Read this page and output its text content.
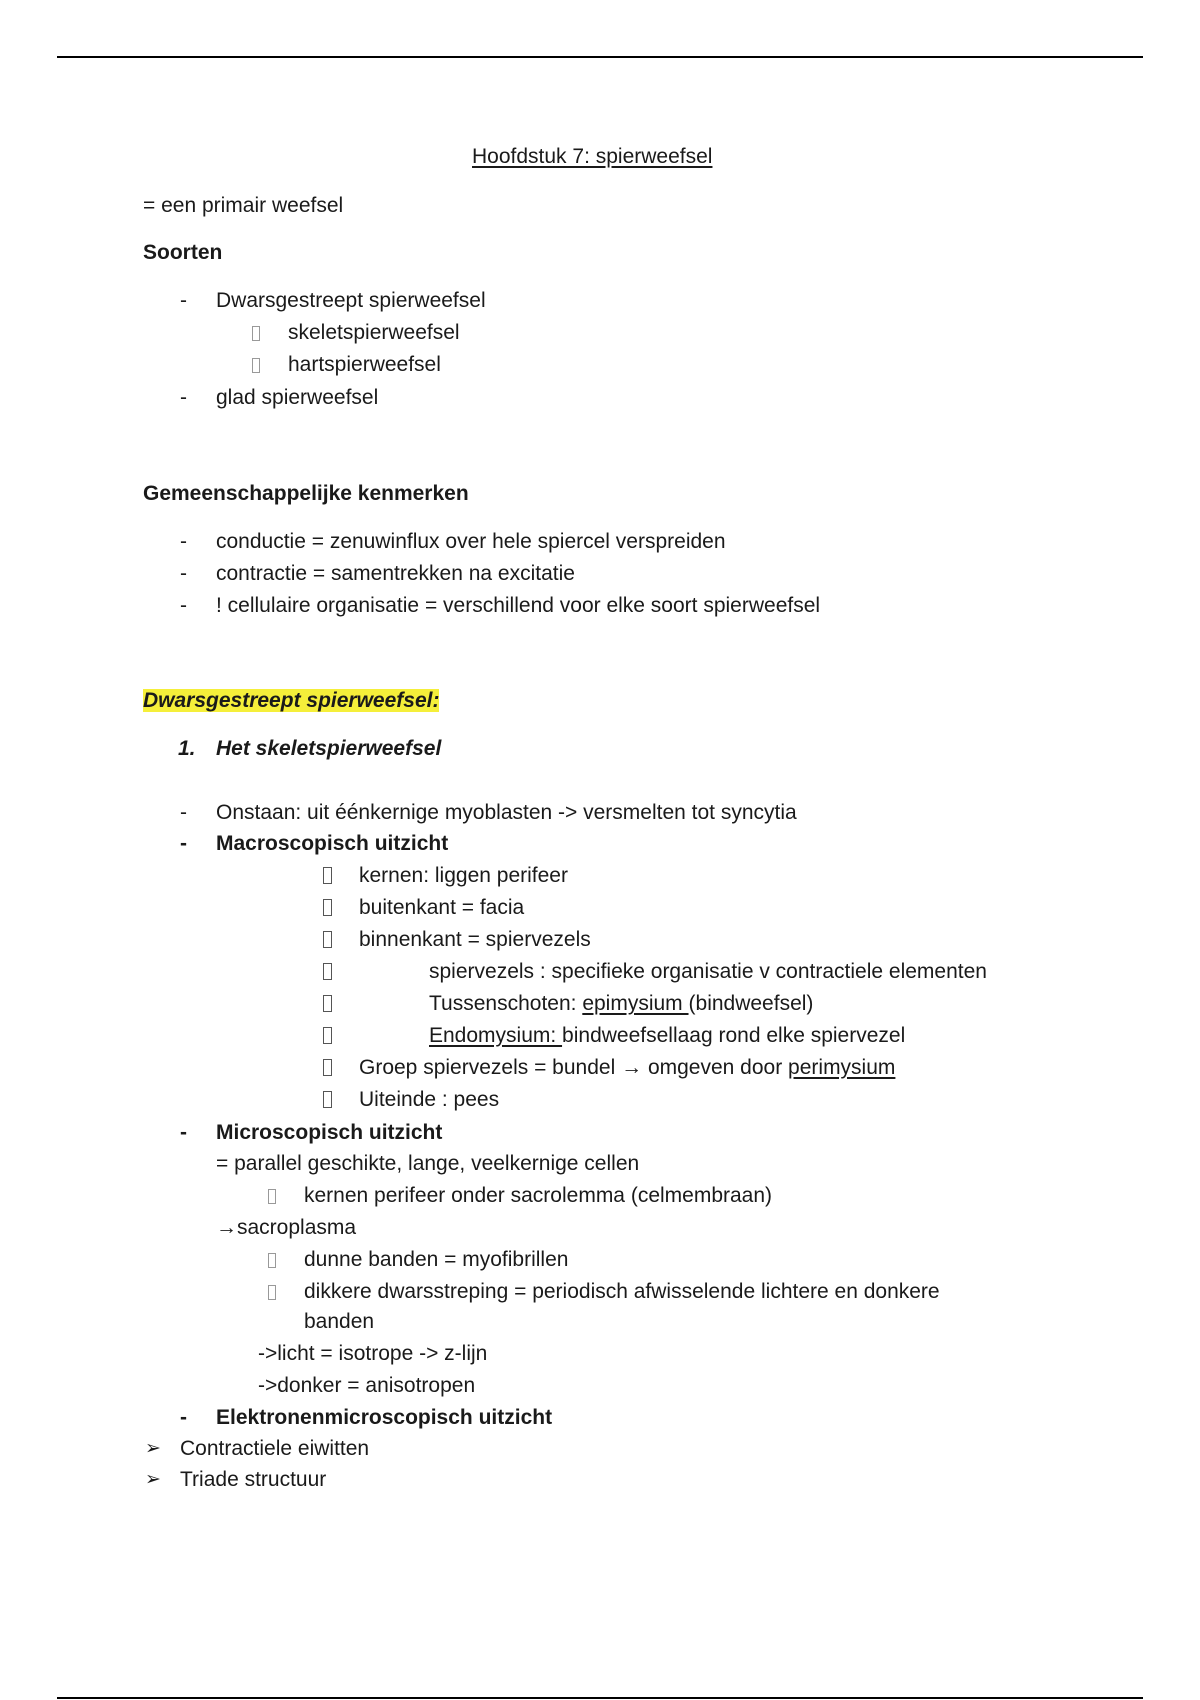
Hoofdstuk 7: spierweefsel
= een primair weefsel
Soorten
- Dwarsgestreept spierweefsel
skeletspierweefsel
hartspierweefsel
- glad spierweefsel
Gemeenschappelijke kenmerken
- conductie = zenuwinflux over hele spiercel verspreiden
- contractie = samentrekken na excitatie
- ! cellulaire organisatie = verschillend voor elke soort spierweefsel
Dwarsgestreept spierweefsel:
1. Het skeletspierweefsel
- Onstaan: uit éénkernige myoblasten -> versmelten tot syncytia
- Macroscopisch uitzicht
kernen: liggen perifeer
buitenkant = facia
binnenkant = spiervezels
spiervezels : specifieke organisatie v contractiele elementen
Tussenschoten: epimysium (bindweefsel)
Endomysium: bindweefsellaag rond elke spiervezel
Groep spiervezels = bundel → omgeven door perimysium
Uiteinde : pees
- Microscopisch uitzicht
= parallel geschikte, lange, veelkernige cellen
kernen perifeer onder sacrolemma (celmembraan)
→sacroplasma
dunne banden = myofibrillen
dikkere dwarsstreping = periodisch afwisselende lichtere en donkere
banden
->licht = isotrope -> z-lijn
->donker = anisotropen
- Elektronenmicroscopisch uitzicht
➢ Contractiele eiwitten
➢ Triade structuur
